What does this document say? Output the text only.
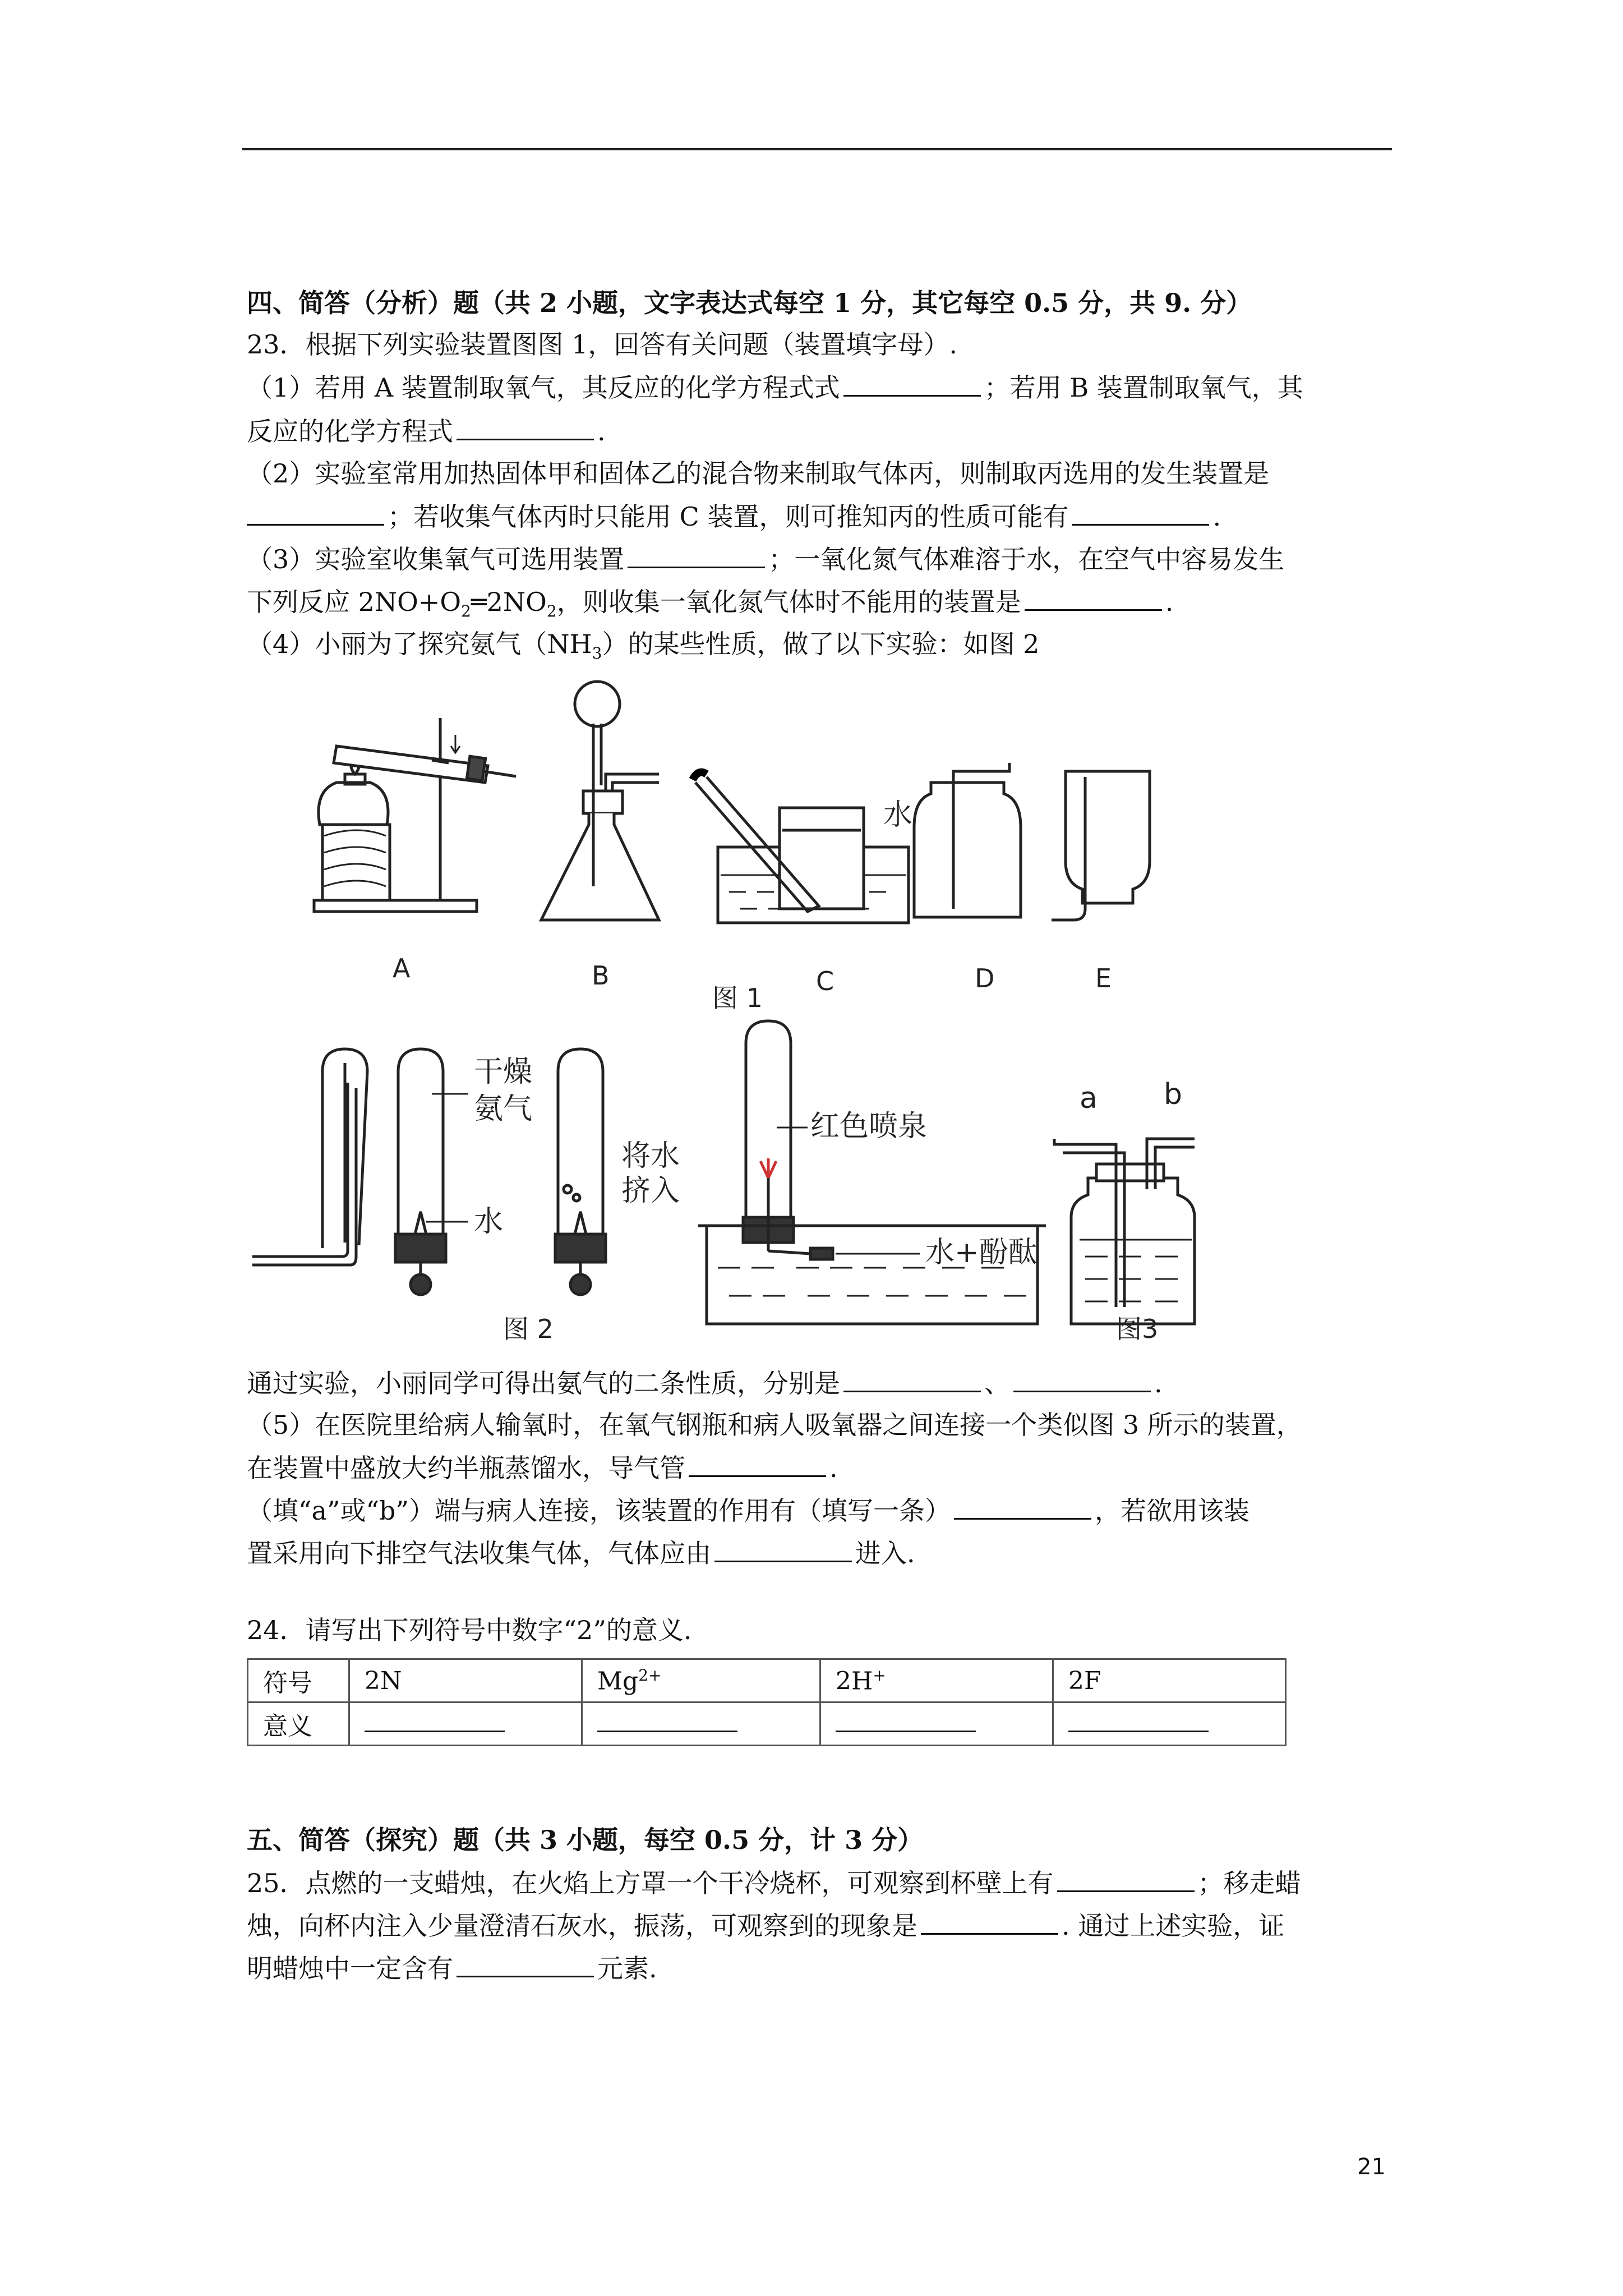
四、简答（分析）题（共 2 小题，文字表达式每空 1 分，其它每空 0.5 分，共 9. 分）
23．根据下列实验装置图图 1，回答有关问题（装置填字母）.
（1）若用 A 装置制取氧气，其反应的化学方程式式	；若用 B 装置制取氧气，其
反应的化学方程式	.
（2）实验室常用加热固体甲和固体乙的混合物来制取气体丙，则制取丙选用的发生装置是
；若收集气体丙时只能用 C 装置，则可推知丙的性质可能有	.
（3）实验室收集氧气可选用装置	；一氧化氮气体难溶于水，在空气中容易发生
下列反应 $2NO+O_2═2NO_2$，则收集一氧化氮气体时不能用的装置是	.
（4）小丽为了探究氨气$(NH_3)$的某些性质，做了以下实验：如图 2
A	B
图 1
C	D	E
水
干燥
氨气
水
将水
挤入
红色喷泉
水+酚酞
图 2
a b
图3
通过实验，小丽同学可得出氨气的二条性质，分别是	、	.
（5）在医院里给病人输氧时，在氧气钢瓶和病人吸氧器之间连接一个类似图 3 所示的装置，
在装置中盛放大约半瓶蒸馏水，导气管	.
（填“a”或“b”）端与病人连接，该装置的作用有（填写一条）	，若欲用该装
置采用向下排空气法收集气体，气体应由	进入.
24．请写出下列符号中数字“2”的意义.
符号	2N	$Mg^{2+}$	2H+	2F
意义				
五、简答（探究）题（共 3 小题，每空 0.5 分，计 3 分）
25．点燃的一支蜡烛，在火焰上方罩一个干冷烧杯，可观察到杯壁上有	；移走蜡
烛，向杯内注入少量澄清石灰水，振荡，可观察到的现象是	. 通过上述实验，证
明蜡烛中一定含有	元素.
21
